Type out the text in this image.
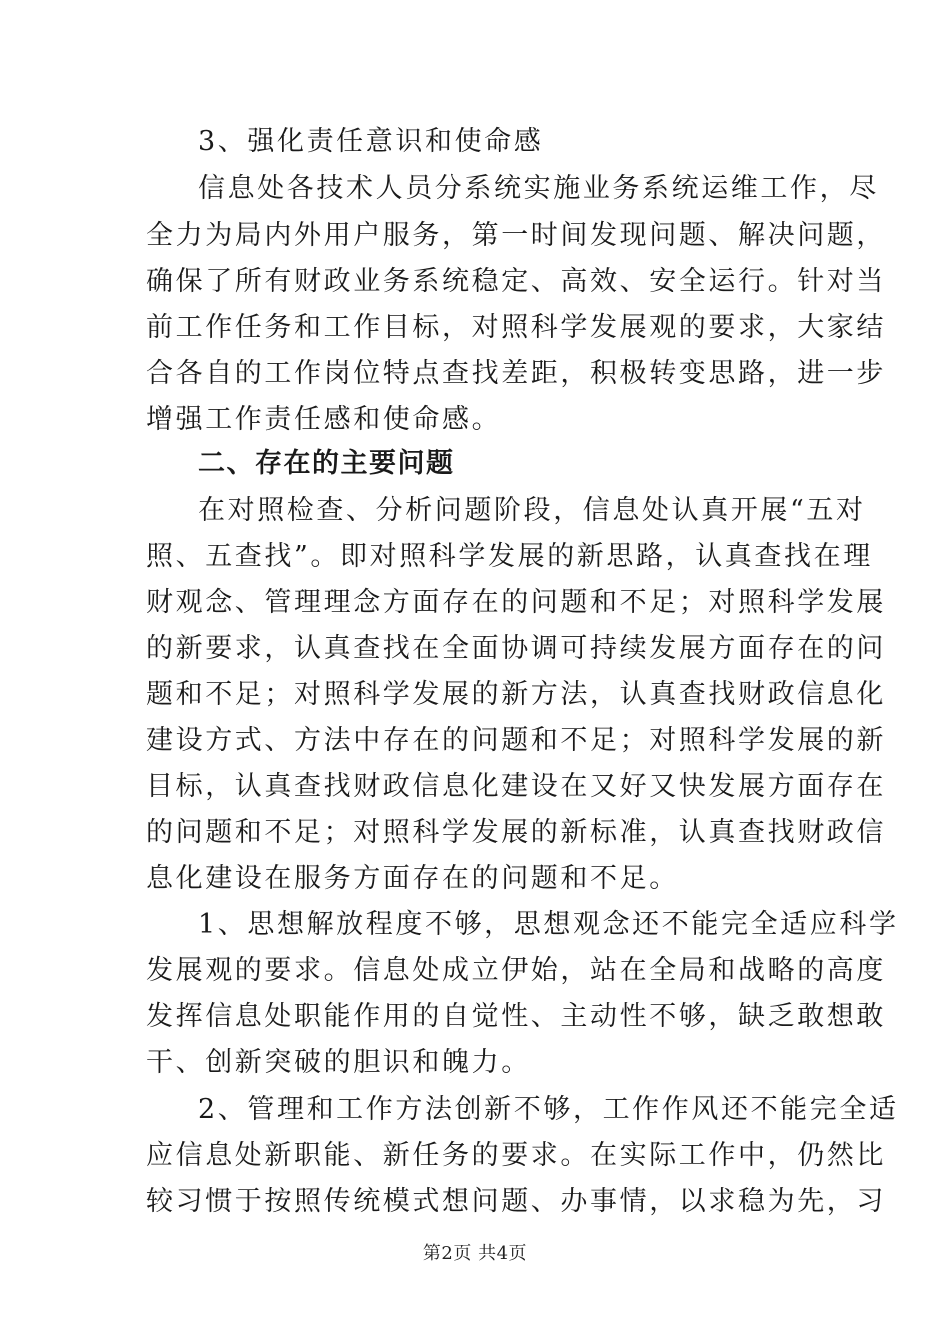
3、强化责任意识和使命感
信息处各技术人员分系统实施业务系统运维工作，尽
全力为局内外用户服务，第一时间发现问题、解决问题，
确保了所有财政业务系统稳定、高效、安全运行。针对当
前工作任务和工作目标，对照科学发展观的要求，大家结
合各自的工作岗位特点查找差距，积极转变思路，进一步
增强工作责任感和使命感。
二、存在的主要问题
在对照检查、分析问题阶段，信息处认真开展“五对
照、五查找”。即对照科学发展的新思路，认真查找在理
财观念、管理理念方面存在的问题和不足；对照科学发展
的新要求，认真查找在全面协调可持续发展方面存在的问
题和不足；对照科学发展的新方法，认真查找财政信息化
建设方式、方法中存在的问题和不足；对照科学发展的新
目标，认真查找财政信息化建设在又好又快发展方面存在
的问题和不足；对照科学发展的新标准，认真查找财政信
息化建设在服务方面存在的问题和不足。
1、思想解放程度不够，思想观念还不能完全适应科学
发展观的要求。信息处成立伊始，站在全局和战略的高度
发挥信息处职能作用的自觉性、主动性不够，缺乏敢想敢
干、创新突破的胆识和魄力。
2、管理和工作方法创新不够，工作作风还不能完全适
应信息处新职能、新任务的要求。在实际工作中，仍然比
较习惯于按照传统模式想问题、办事情，以求稳为先，习
第2页 共4页
